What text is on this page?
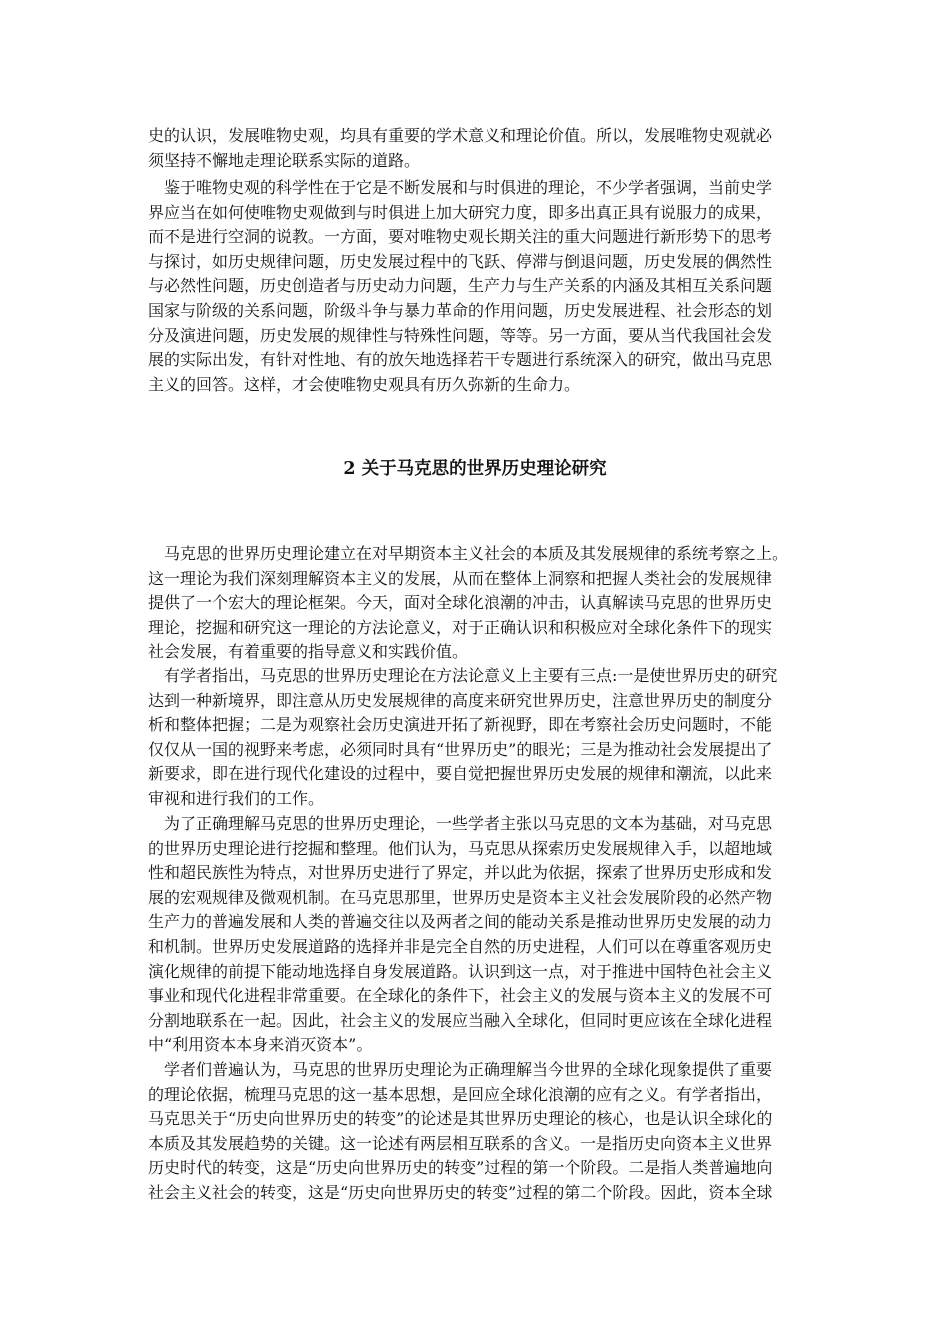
史的认识，发展唯物史观，均具有重要的学术意义和理论价值。所以，发展唯物史观就必
须坚持不懈地走理论联系实际的道路。
　鉴于唯物史观的科学性在于它是不断发展和与时俱进的理论，不少学者强调，当前史学
界应当在如何使唯物史观做到与时俱进上加大研究力度，即多出真正具有说服力的成果，
而不是进行空洞的说教。一方面，要对唯物史观长期关注的重大问题进行新形势下的思考
与探讨，如历史规律问题，历史发展过程中的飞跃、停滞与倒退问题，历史发展的偶然性
与必然性问题，历史创造者与历史动力问题，生产力与生产关系的内涵及其相互关系问题
国家与阶级的关系问题，阶级斗争与暴力革命的作用问题，历史发展进程、社会形态的划
分及演进问题，历史发展的规律性与特殊性问题，等等。另一方面，要从当代我国社会发
展的实际出发，有针对性地、有的放矢地选择若干专题进行系统深入的研究，做出马克思
主义的回答。这样，才会使唯物史观具有历久弥新的生命力。
2 关于马克思的世界历史理论研究
　马克思的世界历史理论建立在对早期资本主义社会的本质及其发展规律的系统考察之上。
这一理论为我们深刻理解资本主义的发展，从而在整体上洞察和把握人类社会的发展规律
提供了一个宏大的理论框架。今天，面对全球化浪潮的冲击，认真解读马克思的世界历史
理论，挖掘和研究这一理论的方法论意义，对于正确认识和积极应对全球化条件下的现实
社会发展，有着重要的指导意义和实践价值。
　有学者指出，马克思的世界历史理论在方法论意义上主要有三点:一是使世界历史的研究
达到一种新境界，即注意从历史发展规律的高度来研究世界历史，注意世界历史的制度分
析和整体把握；二是为观察社会历史演进开拓了新视野，即在考察社会历史问题时，不能
仅仅从一国的视野来考虑，必须同时具有“世界历史”的眼光；三是为推动社会发展提出了
新要求，即在进行现代化建设的过程中，要自觉把握世界历史发展的规律和潮流，以此来
审视和进行我们的工作。
　为了正确理解马克思的世界历史理论，一些学者主张以马克思的文本为基础，对马克思
的世界历史理论进行挖掘和整理。他们认为，马克思从探索历史发展规律入手，以超地域
性和超民族性为特点，对世界历史进行了界定，并以此为依据，探索了世界历史形成和发
展的宏观规律及微观机制。在马克思那里，世界历史是资本主义社会发展阶段的必然产物
生产力的普遍发展和人类的普遍交往以及两者之间的能动关系是推动世界历史发展的动力
和机制。世界历史发展道路的选择并非是完全自然的历史进程，人们可以在尊重客观历史
演化规律的前提下能动地选择自身发展道路。认识到这一点，对于推进中国特色社会主义
事业和现代化进程非常重要。在全球化的条件下，社会主义的发展与资本主义的发展不可
分割地联系在一起。因此，社会主义的发展应当融入全球化，但同时更应该在全球化进程
中“利用资本本身来消灭资本”。
　学者们普遍认为，马克思的世界历史理论为正确理解当今世界的全球化现象提供了重要
的理论依据，梳理马克思的这一基本思想，是回应全球化浪潮的应有之义。有学者指出，
马克思关于“历史向世界历史的转变”的论述是其世界历史理论的核心，也是认识全球化的
本质及其发展趋势的关键。这一论述有两层相互联系的含义。一是指历史向资本主义世界
历史时代的转变，这是“历史向世界历史的转变”过程的第一个阶段。二是指人类普遍地向
社会主义社会的转变，这是“历史向世界历史的转变”过程的第二个阶段。因此，资本全球
